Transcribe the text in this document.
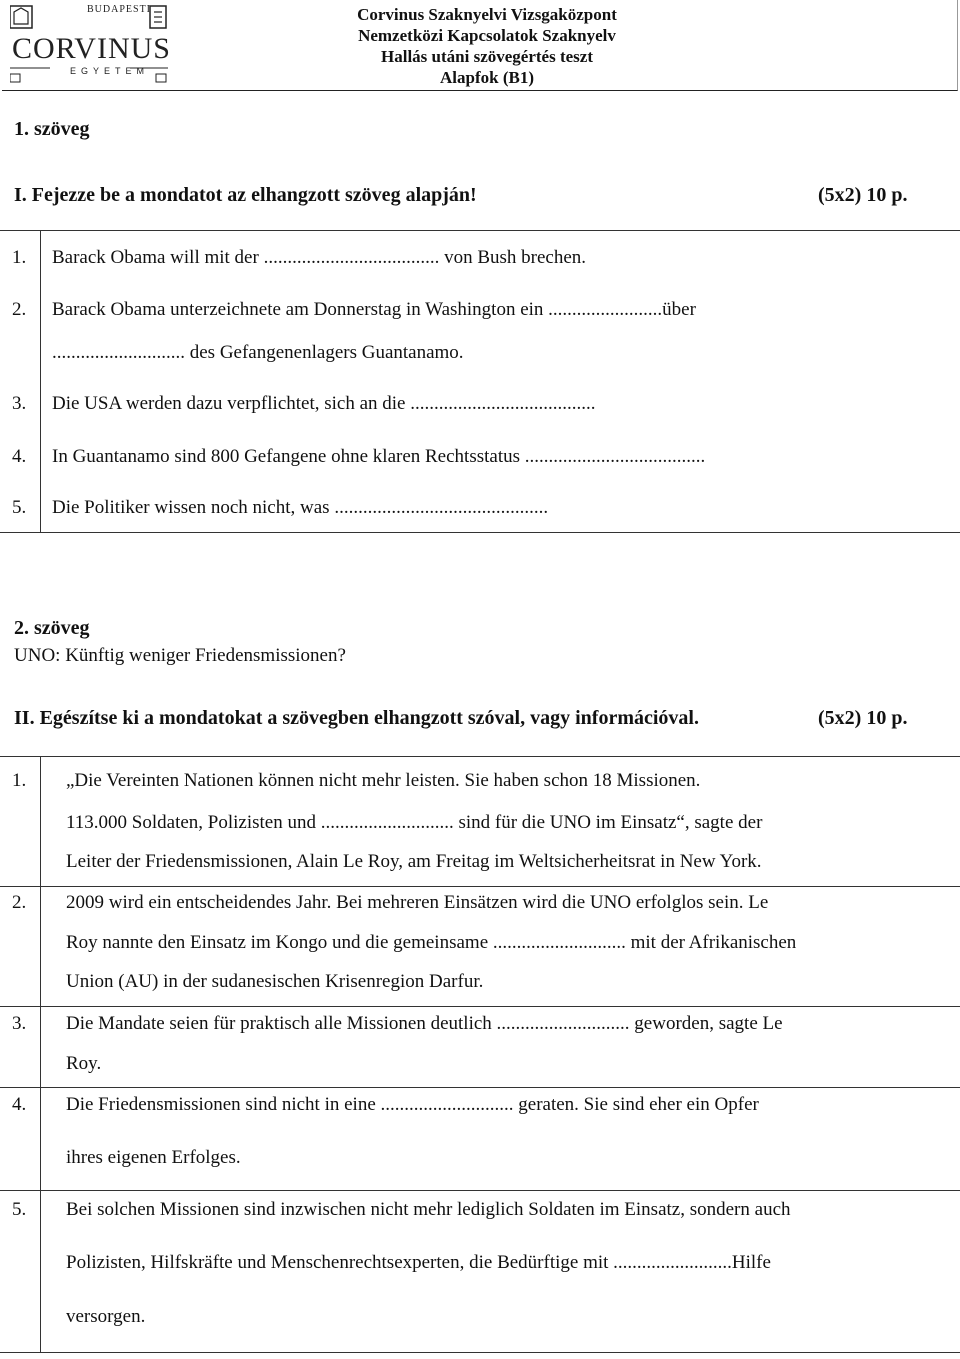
BUDAPESTI
CORVINUS
EGYETEM
Corvinus Szaknyelvi Vizsgaközpont
Nemzetközi Kapcsolatok Szaknyelv
Hallás utáni szövegértés teszt
Alapfok (B1)
1. szöveg
I. Fejezze be a mondatot az elhangzott szöveg alapján!	(5x2) 10 p.
1. Barack Obama will mit der ..................................... von Bush brechen.
2. Barack Obama unterzeichnete am Donnerstag in Washington ein ........................über
............................ des Gefangenenlagers Guantanamo.
3. Die USA werden dazu verpflichtet, sich an die .......................................
4. In Guantanamo sind 800 Gefangene ohne klaren Rechtsstatus ......................................
5. Die Politiker wissen noch nicht, was .............................................
2. szöveg
UNO: Künftig weniger Friedensmissionen?
II. Egészítse ki a mondatokat a szövegben elhangzott szóval, vagy információval.	(5x2) 10 p.
1. „Die Vereinten Nationen können nicht mehr leisten. Sie haben schon 18 Missionen.
113.000 Soldaten, Polizisten und ............................ sind für die UNO im Einsatz“, sagte der
Leiter der Friedensmissionen, Alain Le Roy, am Freitag im Weltsicherheitsrat in New York.
2. 2009 wird ein entscheidendes Jahr. Bei mehreren Einsätzen wird die UNO erfolglos sein. Le
Roy nannte den Einsatz im Kongo und die gemeinsame ............................ mit der Afrikanischen
Union (AU) in der sudanesischen Krisenregion Darfur.
3. Die Mandate seien für praktisch alle Missionen deutlich ............................ geworden, sagte Le
Roy.
4. Die Friedensmissionen sind nicht in eine ............................ geraten. Sie sind eher ein Opfer
ihres eigenen Erfolges.
5. Bei solchen Missionen sind inzwischen nicht mehr lediglich Soldaten im Einsatz, sondern auch
Polizisten, Hilfskräfte und Menschenrechtsexperten, die Bedürftige mit .........................Hilfe
versorgen.
